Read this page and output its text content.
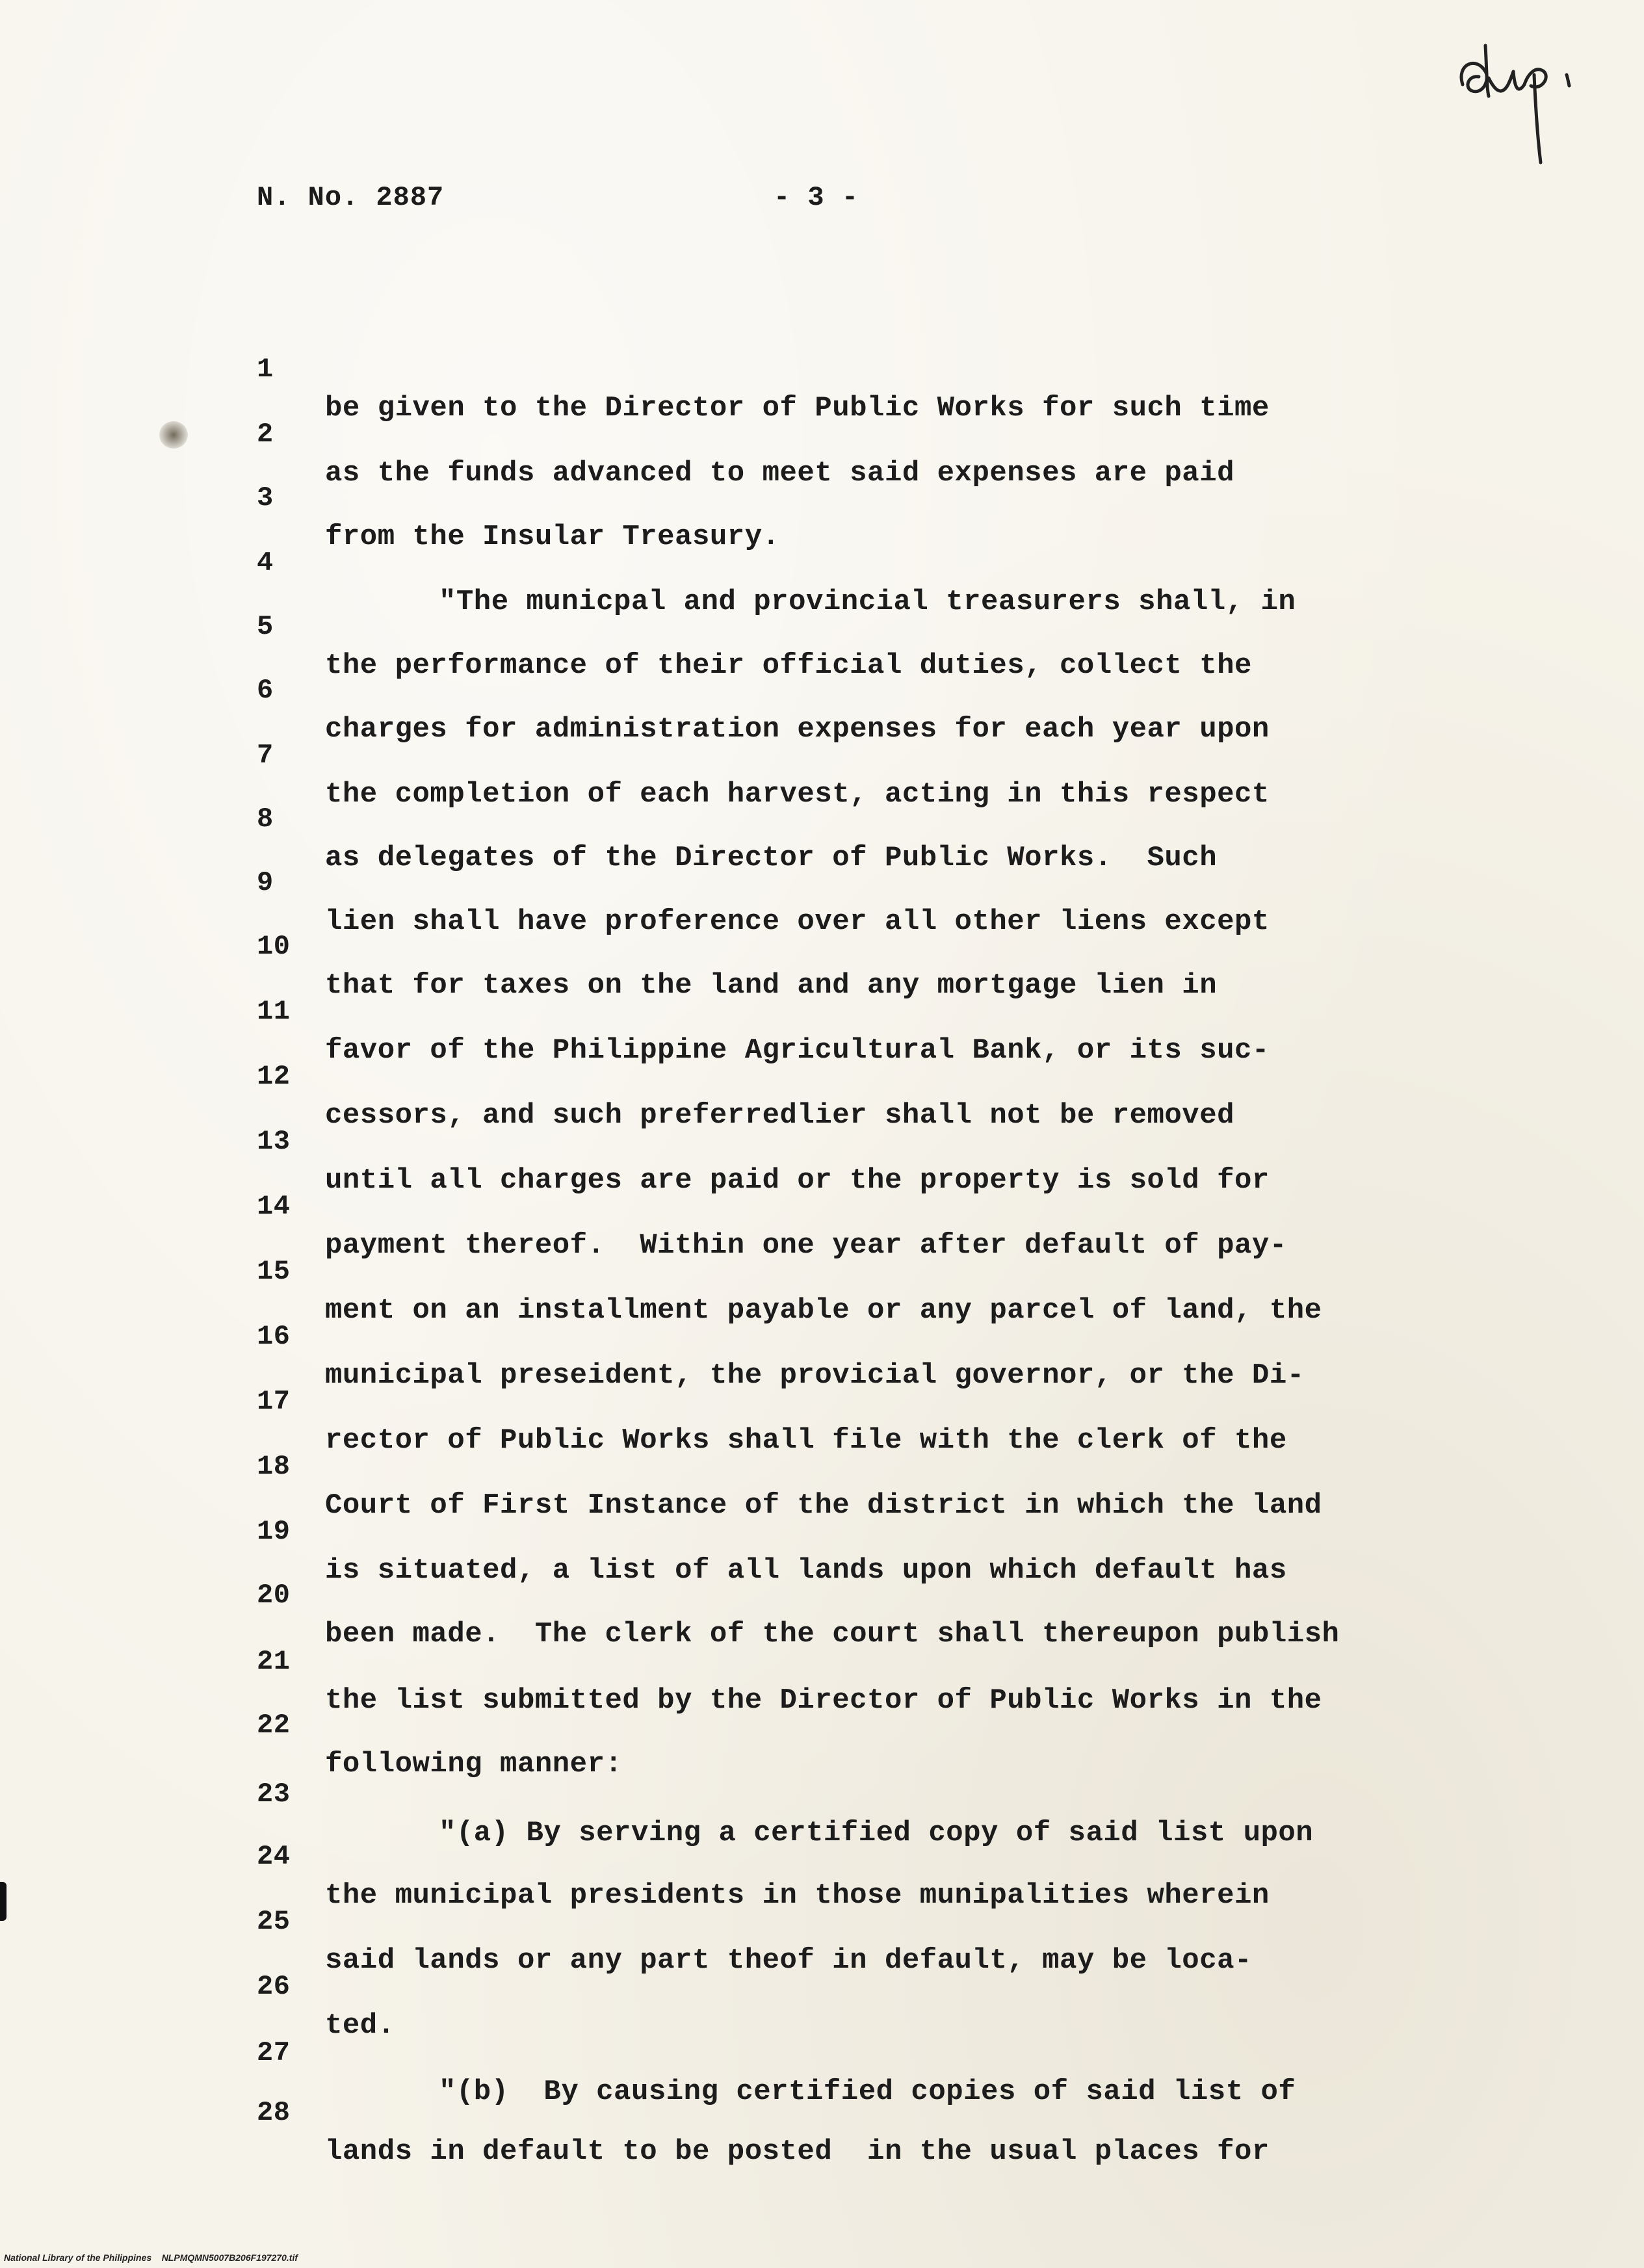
N. No. 2887	- 3 -

1

be given to the Director of Public Works for such time

2

as the funds advanced to meet said expenses are paid

3

from the Insular Treasury.

4

"The municpal and provincial treasurers shall, in

5

the performance of their official duties, collect the

6

charges for administration expenses for each year upon

7

the completion of each harvest, acting in this respect

8

as delegates of the Director of Public Works.  Such

9

lien shall have proference over all other liens except

10

that for taxes on the land and any mortgage lien in

11

favor of the Philippine Agricultural Bank, or its suc-

12

cessors, and such preferredlier shall not be removed

13

until all charges are paid or the property is sold for

14

payment thereof.  Within one year after default of pay-

15

ment on an installment payable or any parcel of land, the

16

municipal preseident, the provicial governor, or the Di-

17

rector of Public Works shall file with the clerk of the

18

Court of First Instance of the district in which the land

19

is situated, a list of all lands upon which default has

20

been made.  The clerk of the court shall thereupon publish

21

the list submitted by the Director of Public Works in the

22

following manner:

23

"(a) By serving a certified copy of said list upon

24

the municipal presidents in those munipalities wherein

25

said lands or any part theof in default, may be loca-

26

ted.

27

"(b)  By causing certified copies of said list of

28

lands in default to be posted  in the usual places for

National Library of the Philippines    NLPMQMN5007B206F197270.tif
